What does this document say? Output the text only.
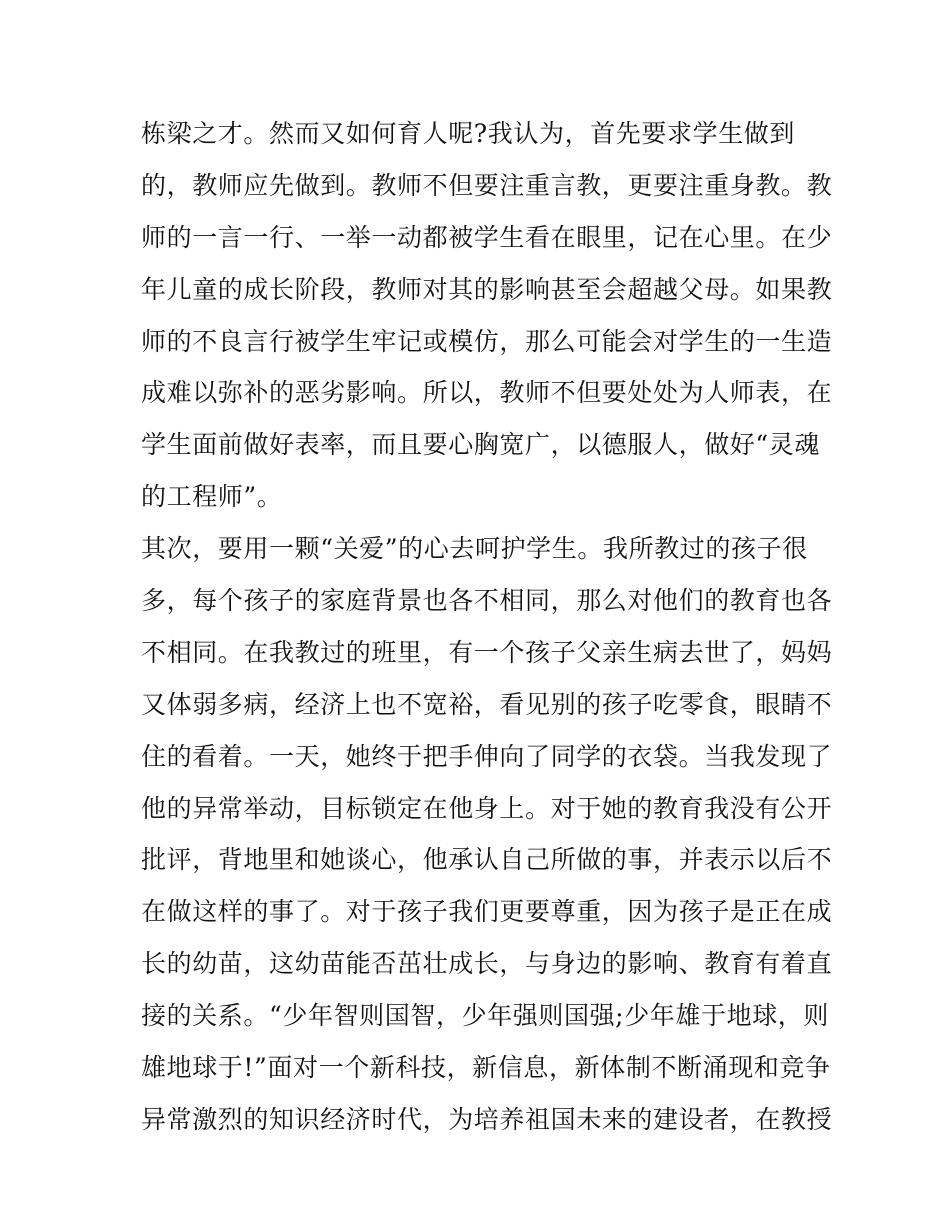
栋梁之才。然而又如何育人呢?我认为，首先要求学生做到
的，教师应先做到。教师不但要注重言教，更要注重身教。教
师的一言一行、一举一动都被学生看在眼里，记在心里。在少
年儿童的成长阶段，教师对其的影响甚至会超越父母。如果教
师的不良言行被学生牢记或模仿，那么可能会对学生的一生造
成难以弥补的恶劣影响。所以，教师不但要处处为人师表，在
学生面前做好表率，而且要心胸宽广，以德服人，做好“灵魂
的工程师”。
其次，要用一颗“关爱”的心去呵护学生。我所教过的孩子很
多，每个孩子的家庭背景也各不相同，那么对他们的教育也各
不相同。在我教过的班里，有一个孩子父亲生病去世了，妈妈
又体弱多病，经济上也不宽裕，看见别的孩子吃零食，眼睛不
住的看着。一天，她终于把手伸向了同学的衣袋。当我发现了
他的异常举动，目标锁定在他身上。对于她的教育我没有公开
批评，背地里和她谈心，他承认自己所做的事，并表示以后不
在做这样的事了。对于孩子我们更要尊重，因为孩子是正在成
长的幼苗，这幼苗能否茁壮成长，与身边的影响、教育有着直
接的关系。“少年智则国智，少年强则国强;少年雄于地球，则
雄地球于!”面对一个新科技，新信息，新体制不断涌现和竞争
异常激烈的知识经济时代，为培养祖国未来的建设者，在教授
